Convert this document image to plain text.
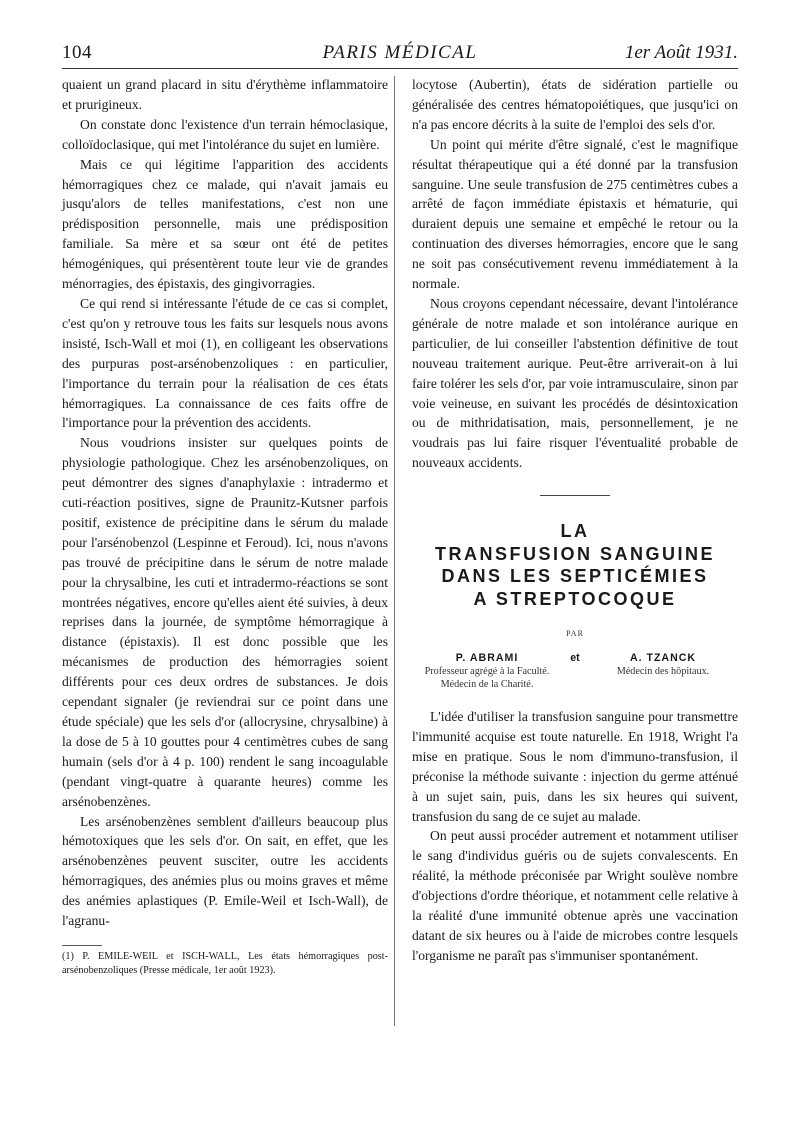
104	PARIS MÉDICAL	1er Août 1931.

quaient un grand placard in situ d'érythème inflammatoire et prurigineux.

On constate donc l'existence d'un terrain hémoclasique, colloïdoclasique, qui met l'intolérance du sujet en lumière.

Mais ce qui légitime l'apparition des accidents hémorragiques chez ce malade, qui n'avait jamais eu jusqu'alors de telles manifestations, c'est non une prédisposition personnelle, mais une prédisposition familiale. Sa mère et sa sœur ont été de petites hémogéniques, qui présentèrent toute leur vie de grandes ménorragies, des épistaxis, des gingivorragies.

Ce qui rend si intéressante l'étude de ce cas si complet, c'est qu'on y retrouve tous les faits sur lesquels nous avons insisté, Isch-Wall et moi (1), en colligeant les observations des purpuras post-arsénobenzoliques : en particulier, l'importance du terrain pour la réalisation de ces états hémorragiques. La connaissance de ces faits offre de l'importance pour la prévention des accidents.

Nous voudrions insister sur quelques points de physiologie pathologique. Chez les arsénobenzoliques, on peut démontrer des signes d'anaphylaxie : intradermo et cuti-réaction positives, signe de Praunitz-Kutsner parfois positif, existence de précipitine dans le sérum du malade pour l'arsénobenzol (Lespinne et Feroud). Ici, nous n'avons pas trouvé de précipitine dans le sérum de notre malade pour la chrysalbine, les cuti et intradermo-réactions se sont montrées négatives, encore qu'elles aient été suivies, à deux reprises dans la journée, de symptôme hémorragique à distance (épistaxis). Il est donc possible que les mécanismes de production des hémorragies soient différents pour ces deux ordres de substances. Je dois cependant signaler (je reviendrai sur ce point dans une étude spéciale) que les sels d'or (allocrysine, chrysalbine) à la dose de 5 à 10 gouttes pour 4 centimètres cubes de sang humain (sels d'or à 4 p. 100) rendent le sang incoagulable (pendant vingt-quatre à quarante heures) comme les arsénobenzènes.

Les arsénobenzènes semblent d'ailleurs beaucoup plus hémotoxiques que les sels d'or. On sait, en effet, que les arsénobenzènes peuvent susciter, outre les accidents hémorragiques, des anémies plus ou moins graves et même des anémies aplastiques (P. Emile-Weil et Isch-Wall), de l'agranu-

(1) P. EMILE-WEIL et ISCH-WALL, Les états hémorragiques post-arsénobenzoliques (Presse médicale, 1er août 1923).

locytose (Aubertin), états de sidération partielle ou généralisée des centres hématopoiétiques, que jusqu'ici on n'a pas encore décrits à la suite de l'emploi des sels d'or.

Un point qui mérite d'être signalé, c'est le magnifique résultat thérapeutique qui a été donné par la transfusion sanguine. Une seule transfusion de 275 centimètres cubes a arrêté de façon immédiate épistaxis et hématurie, qui duraient depuis une semaine et empêché le retour ou la continuation des diverses hémorragies, encore que le sang ne soit pas consécutivement revenu immédiatement à la normale.

Nous croyons cependant nécessaire, devant l'intolérance générale de notre malade et son intolérance aurique en particulier, de lui conseiller l'abstention définitive de tout nouveau traitement aurique. Peut-être arriverait-on à lui faire tolérer les sels d'or, par voie intramusculaire, sinon par voie veineuse, en suivant les procédés de désintoxication ou de mithridatisation, mais, personnellement, je ne voudrais pas lui faire risquer l'éventualité probable de nouveaux accidents.

LA
TRANSFUSION SANGUINE
DANS LES SEPTICÉMIES
A STREPTOCOQUE
PAR
P. ABRAMI
Professeur agrégé à la Faculté.
Médecin de la Charité.
et	A. TZANCK
Médecin des hôpitaux.

L'idée d'utiliser la transfusion sanguine pour transmettre l'immunité acquise est toute naturelle. En 1918, Wright l'a mise en pratique. Sous le nom d'immuno-transfusion, il préconise la méthode suivante : injection du germe atténué à un sujet sain, puis, dans les six heures qui suivent, transfusion du sang de ce sujet au malade.

On peut aussi procéder autrement et notamment utiliser le sang d'individus guéris ou de sujets convalescents. En réalité, la méthode préconisée par Wright soulève nombre d'objections d'ordre théorique, et notamment celle relative à la réalité d'une immunité obtenue après une vaccination datant de six heures ou à l'aide de microbes contre lesquels l'organisme ne paraît pas s'immuniser spontanément.
